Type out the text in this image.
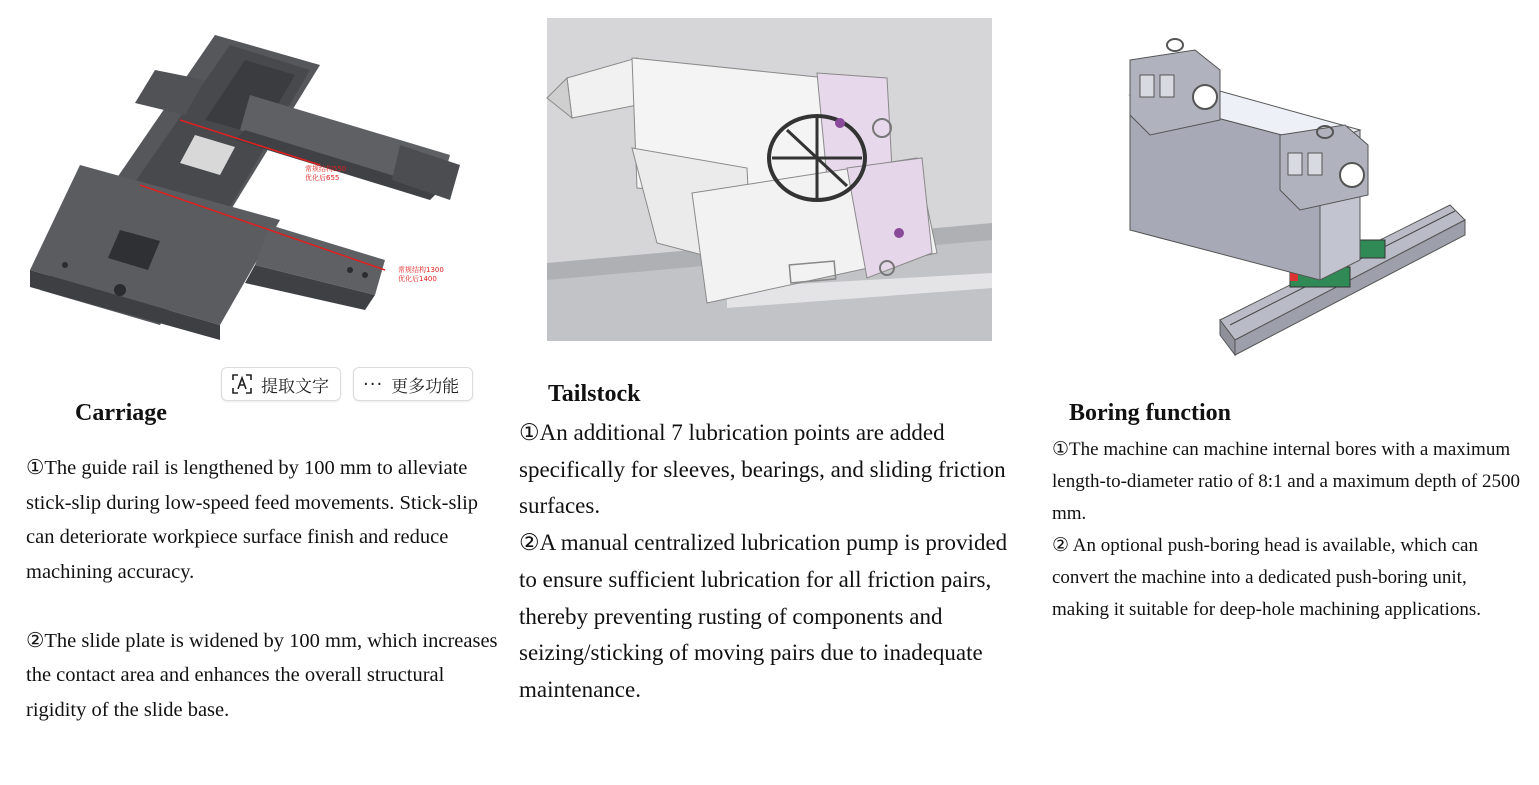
常规结构550
优化后655
常规结构1300
优化后1400
提取文字 ··· 更多功能
Carriage

①The guide rail is lengthened by 100 mm to alleviate stick-slip during low-speed feed movements. Stick-slip can deteriorate workpiece surface finish and reduce machining accuracy.

②The slide plate is widened by 100 mm, which increases the contact area and enhances the overall structural rigidity of the slide base.

Tailstock

①An additional 7 lubrication points are added specifically for sleeves, bearings, and sliding friction surfaces.

②A manual centralized lubrication pump is provided to ensure sufficient lubrication for all friction pairs, thereby preventing rusting of components and seizing/sticking of moving pairs due to inadequate maintenance.

Boring function

①The machine can machine internal bores with a maximum length-to-diameter ratio of 8:1 and a maximum depth of 2500 mm.

② An optional push-boring head is available, which can convert the machine into a dedicated push-boring unit, making it suitable for deep-hole machining applications.
